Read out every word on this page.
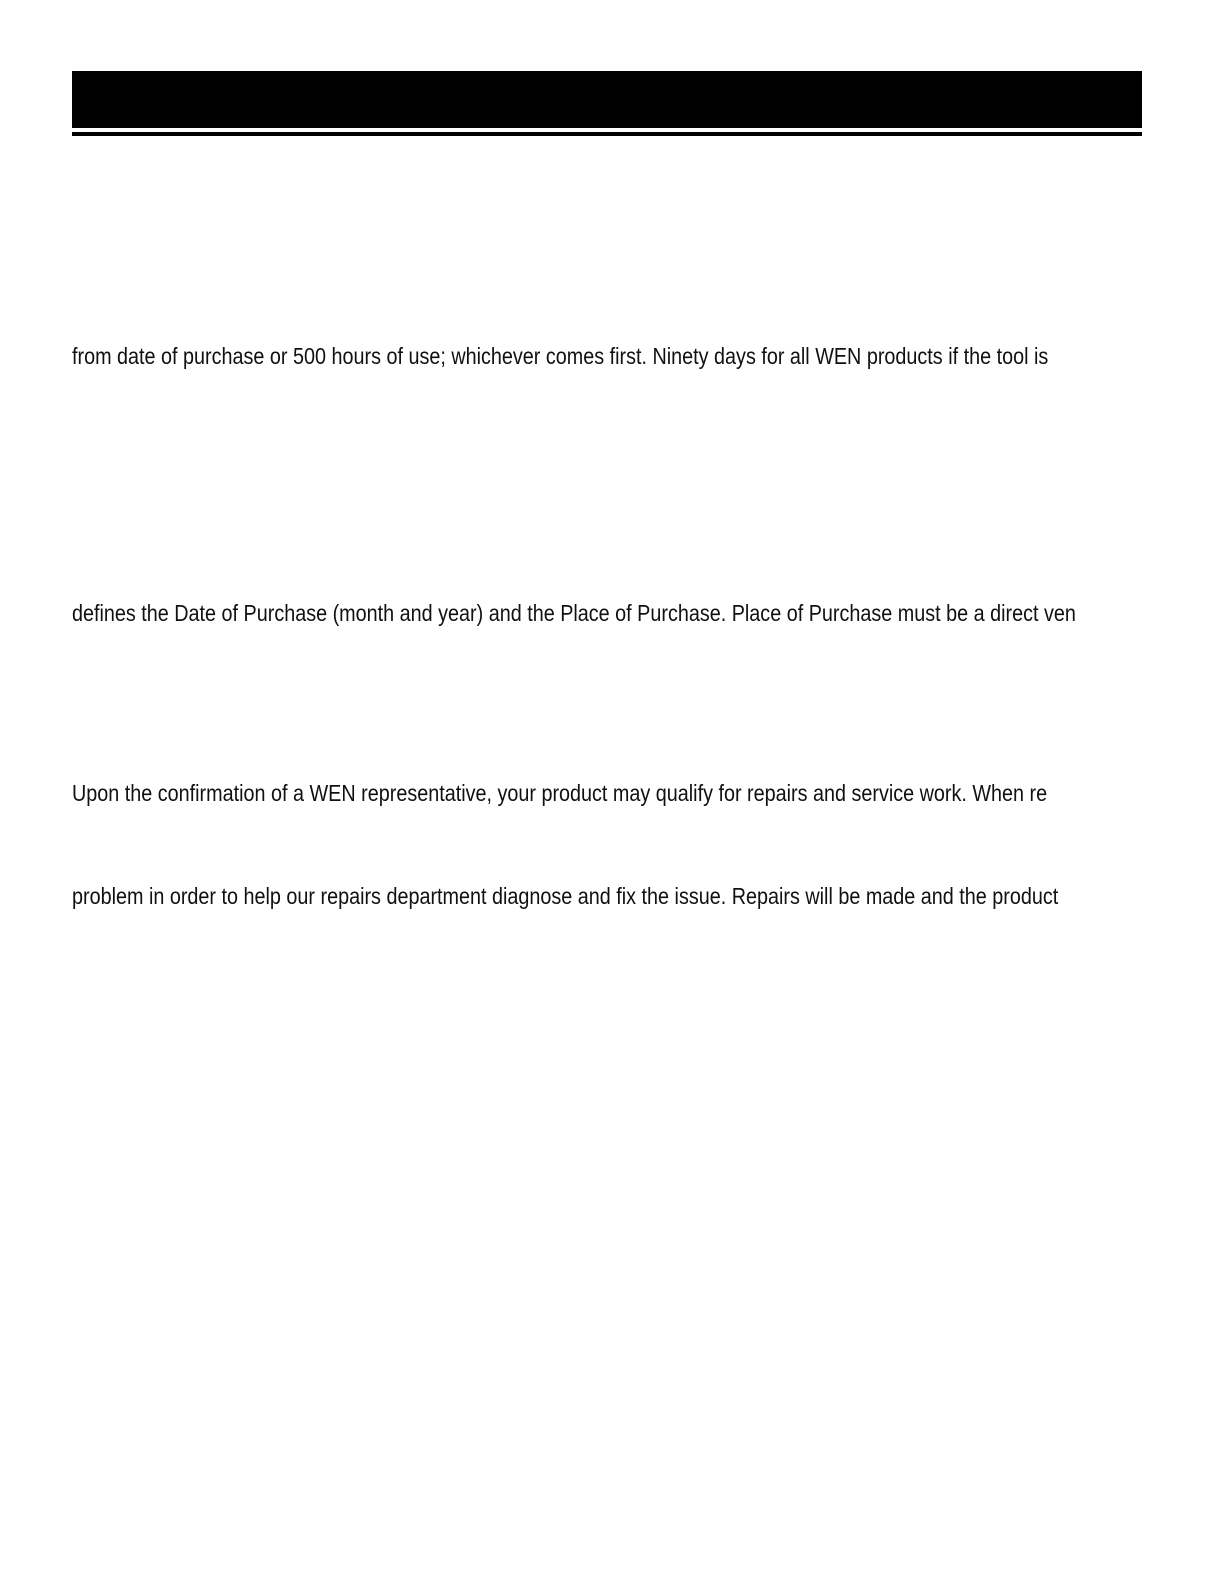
from date of purchase or 500 hours of use; whichever comes first. Ninety days for all WEN products if the tool is

defines the Date of Purchase (month and year) and the Place of Purchase. Place of Purchase must be a direct ven

Upon the confirmation of a WEN representative, your product may qualify for repairs and service work. When re

problem in order to help our repairs department diagnose and fix the issue. Repairs will be made and the product
